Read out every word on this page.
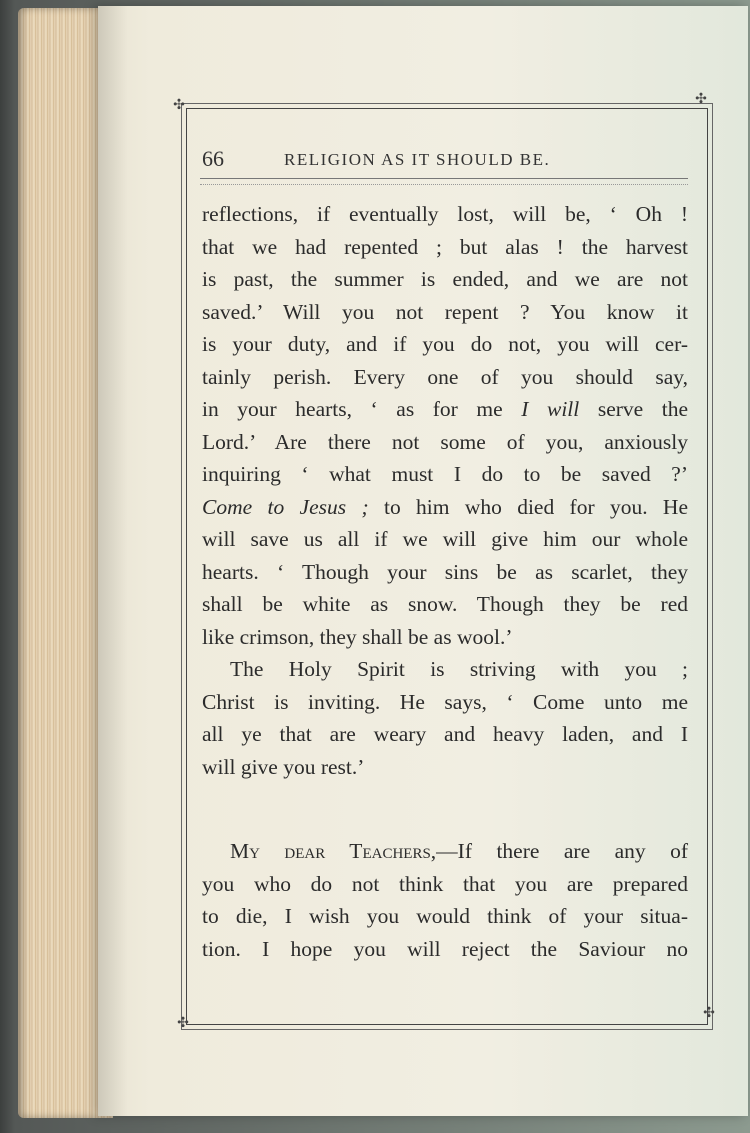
✣	✣
✣
✣
66	RELIGION AS IT SHOULD BE.
reflections, if eventually lost, will be, ‘ Oh !
that we had repented ; but alas ! the harvest
is past, the summer is ended, and we are not
saved.’ Will you not repent ? You know it
is your duty, and if you do not, you will cer-
tainly perish. Every one of you should say,
in your hearts, ‘ as for me I will serve the
Lord.’ Are there not some of you, anxiously
inquiring ‘ what must I do to be saved ?’
Come to Jesus ; to him who died for you. He
will save us all if we will give him our whole
hearts. ‘ Though your sins be as scarlet, they
shall be white as snow. Though they be red
like crimson, they shall be as wool.’
The Holy Spirit is striving with you ;
Christ is inviting. He says, ‘ Come unto me
all ye that are weary and heavy laden, and I
will give you rest.’
My dear Teachers,—If there are any of
you who do not think that you are prepared
to die, I wish you would think of your situa-
tion. I hope you will reject the Saviour no
